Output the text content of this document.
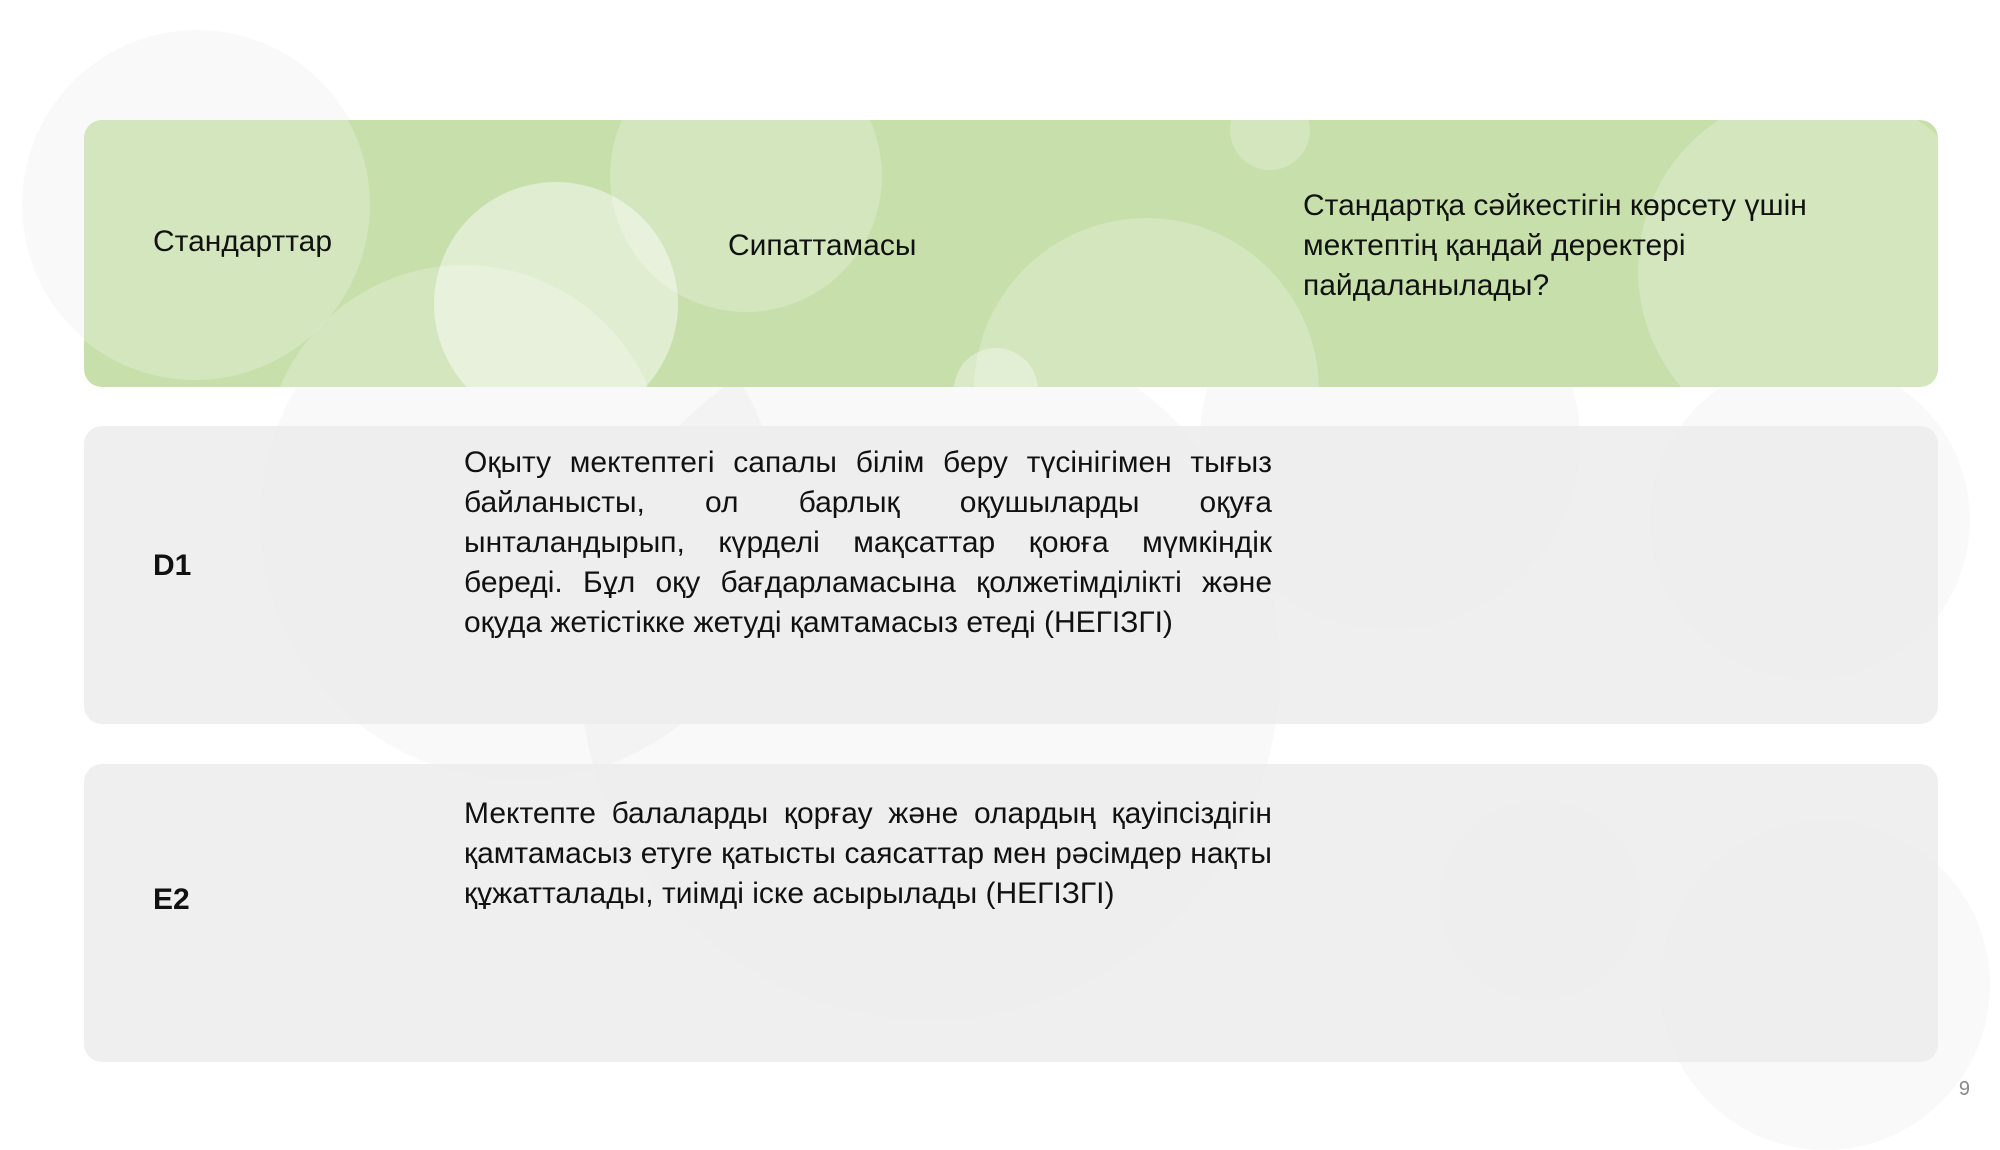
Стандарттар	Сипаттамасы
Стандартқа сәйкестігін көрсету үшін мектептің қандай деректері пайдаланылады?
D1
Оқыту мектептегі сапалы білім беру түсінігімен тығыз байланысты, ол барлық оқушыларды оқуға ынталандырып, күрделі мақсаттар қоюға мүмкіндік береді. Бұл оқу бағдарламасына қолжетімділікті және оқуда жетістікке жетуді қамтамасыз етеді (НЕГІЗГІ)
E2
Мектепте балаларды қорғау және олардың қауіпсіздігін қамтамасыз етуге қатысты саясаттар мен рәсімдер нақты құжатталады, тиімді іске асырылады (НЕГІЗГІ)
9
